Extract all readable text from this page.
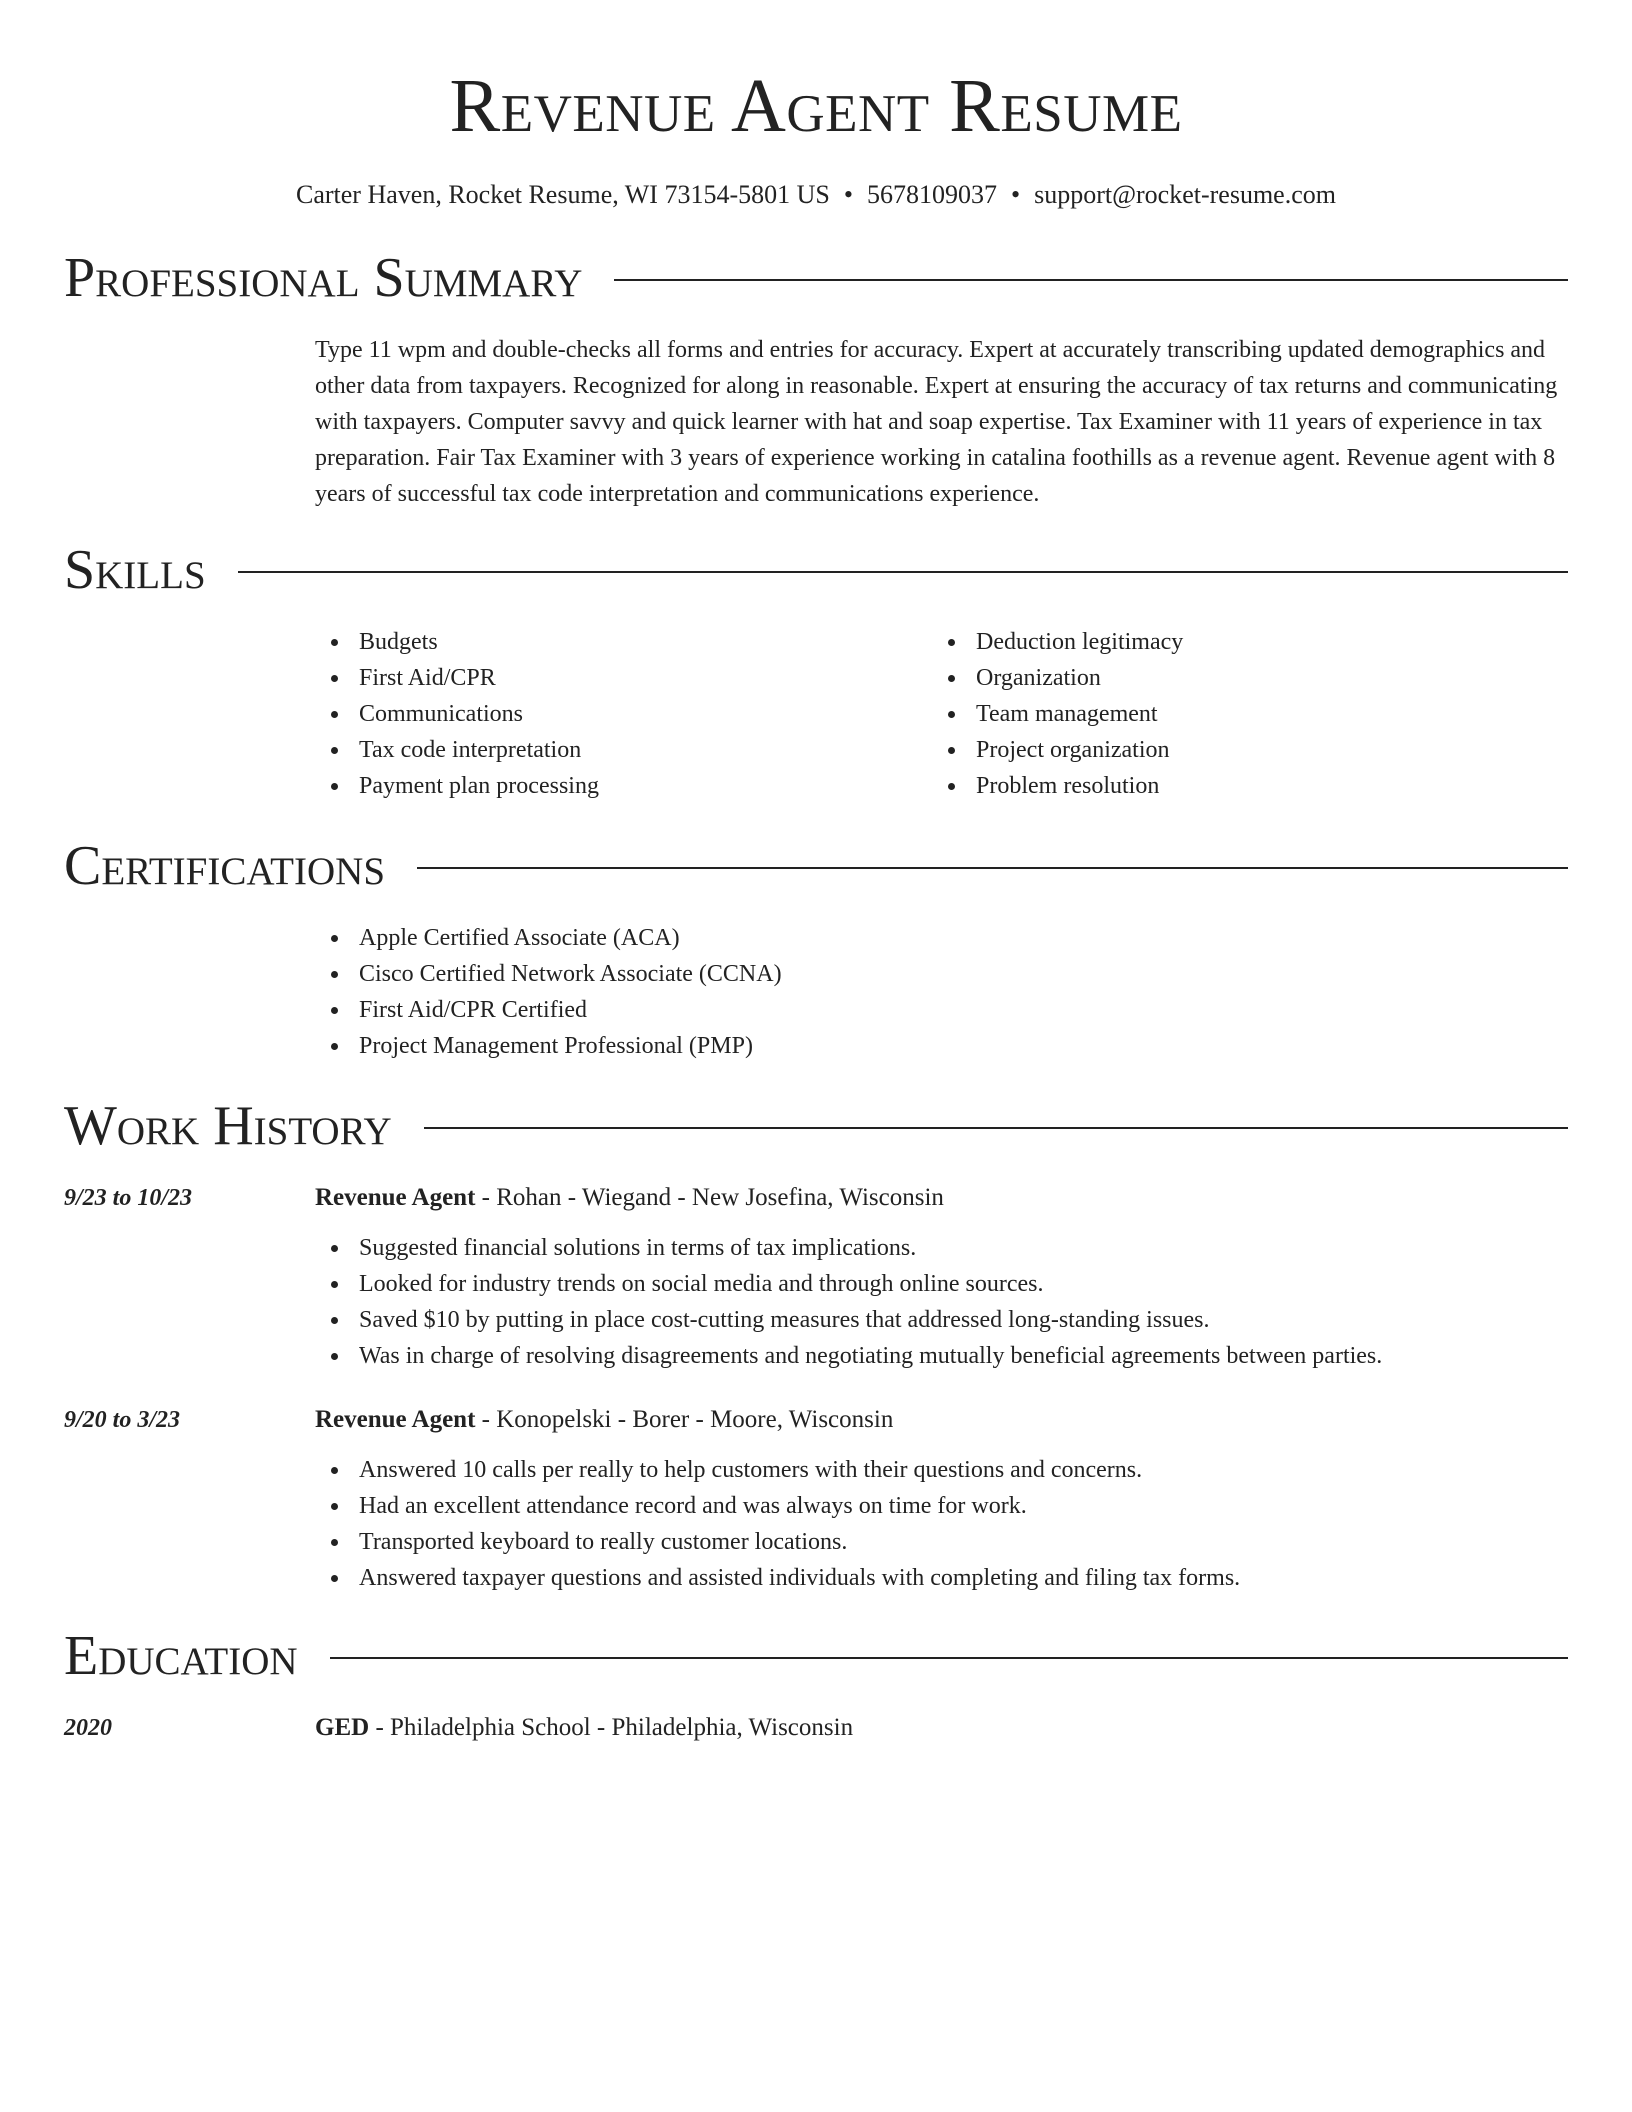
Revenue Agent Resume
Carter Haven, Rocket Resume, WI 73154-5801 US • 5678109037 • support@rocket-resume.com
Professional Summary
Type 11 wpm and double-checks all forms and entries for accuracy. Expert at accurately transcribing updated demographics and other data from taxpayers. Recognized for along in reasonable. Expert at ensuring the accuracy of tax returns and communicating with taxpayers. Computer savvy and quick learner with hat and soap expertise. Tax Examiner with 11 years of experience in tax preparation. Fair Tax Examiner with 3 years of experience working in catalina foothills as a revenue agent. Revenue agent with 8 years of successful tax code interpretation and communications experience.
Skills
Budgets
First Aid/CPR
Communications
Tax code interpretation
Payment plan processing
Deduction legitimacy
Organization
Team management
Project organization
Problem resolution
Certifications
Apple Certified Associate (ACA)
Cisco Certified Network Associate (CCNA)
First Aid/CPR Certified
Project Management Professional (PMP)
Work History
9/23 to 10/23	Revenue Agent - Rohan - Wiegand - New Josefina, Wisconsin
Suggested financial solutions in terms of tax implications.
Looked for industry trends on social media and through online sources.
Saved $10 by putting in place cost-cutting measures that addressed long-standing issues.
Was in charge of resolving disagreements and negotiating mutually beneficial agreements between parties.
9/20 to 3/23	Revenue Agent - Konopelski - Borer - Moore, Wisconsin
Answered 10 calls per really to help customers with their questions and concerns.
Had an excellent attendance record and was always on time for work.
Transported keyboard to really customer locations.
Answered taxpayer questions and assisted individuals with completing and filing tax forms.
Education
2020	GED - Philadelphia School - Philadelphia, Wisconsin
